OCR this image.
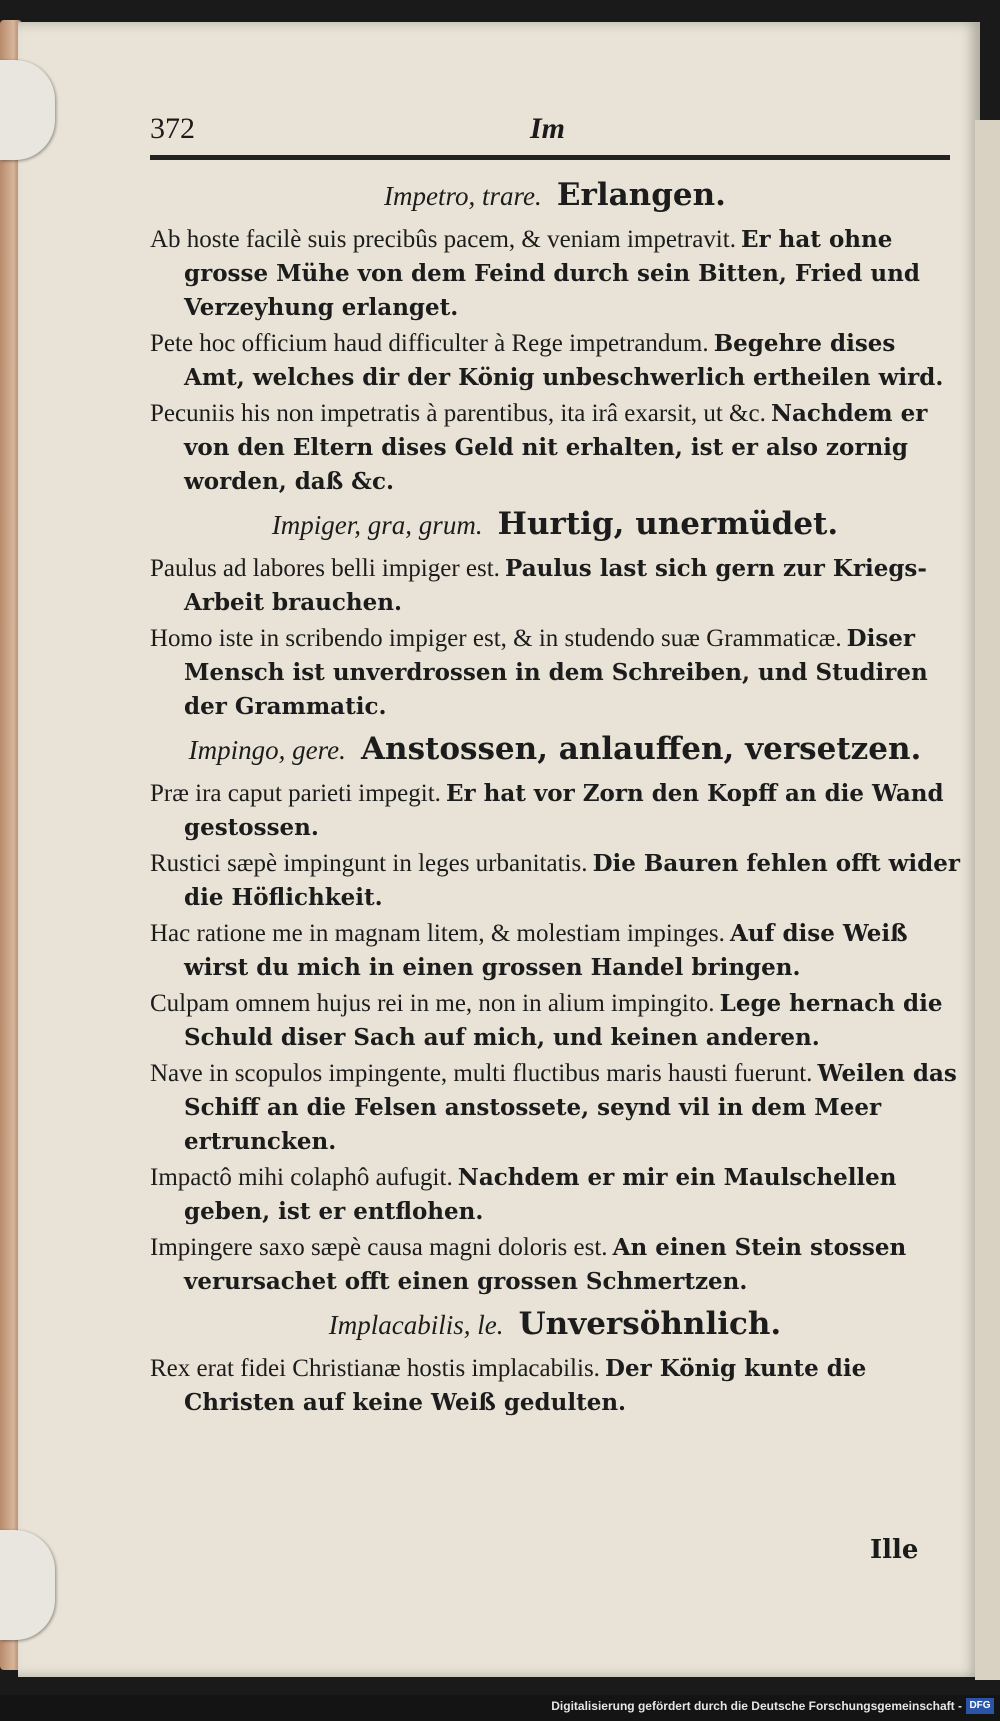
372	Im
Impetro, trare. Erlangen.

Ab hoste facilè suis precibûs pacem, & veniam impetravit. Er hat ohne grosse Mühe von dem Feind durch sein Bitten, Fried und Verzeyhung erlanget.

Pete hoc officium haud difficulter à Rege impetrandum. Begehre dises Amt, welches dir der König unbeschwerlich ertheilen wird.

Pecuniis his non impetratis à parentibus, ita irâ exarsit, ut &c. Nachdem er von den Eltern dises Geld nit erhalten, ist er also zornig worden, daß &c.

Impiger, gra, grum. Hurtig, unermüdet.

Paulus ad labores belli impiger est. Paulus last sich gern zur Kriegs-Arbeit brauchen.

Homo iste in scribendo impiger est, & in studendo suæ Grammaticæ. Diser Mensch ist unverdrossen in dem Schreiben, und Studiren der Grammatic.

Impingo, gere. Anstossen, anlauffen, versetzen.

Præ ira caput parieti impegit. Er hat vor Zorn den Kopff an die Wand gestossen.

Rustici sæpè impingunt in leges urbanitatis. Die Bauren fehlen offt wider die Höflichkeit.

Hac ratione me in magnam litem, & molestiam impinges. Auf dise Weiß wirst du mich in einen grossen Handel bringen.

Culpam omnem hujus rei in me, non in alium impingito. Lege hernach die Schuld diser Sach auf mich, und keinen anderen.

Nave in scopulos impingente, multi fluctibus maris hausti fuerunt. Weilen das Schiff an die Felsen anstossete, seynd vil in dem Meer ertruncken.

Impactô mihi colaphô aufugit. Nachdem er mir ein Maulschellen geben, ist er entflohen.

Impingere saxo sæpè causa magni doloris est. An einen Stein stossen verursachet offt einen grossen Schmertzen.

Implacabilis, le. Unversöhnlich.

Rex erat fidei Christianæ hostis implacabilis. Der König kunte die Christen auf keine Weiß gedulten.

Ille
Digitalisierung gefördert durch die Deutsche Forschungsgemeinschaft - DFG
